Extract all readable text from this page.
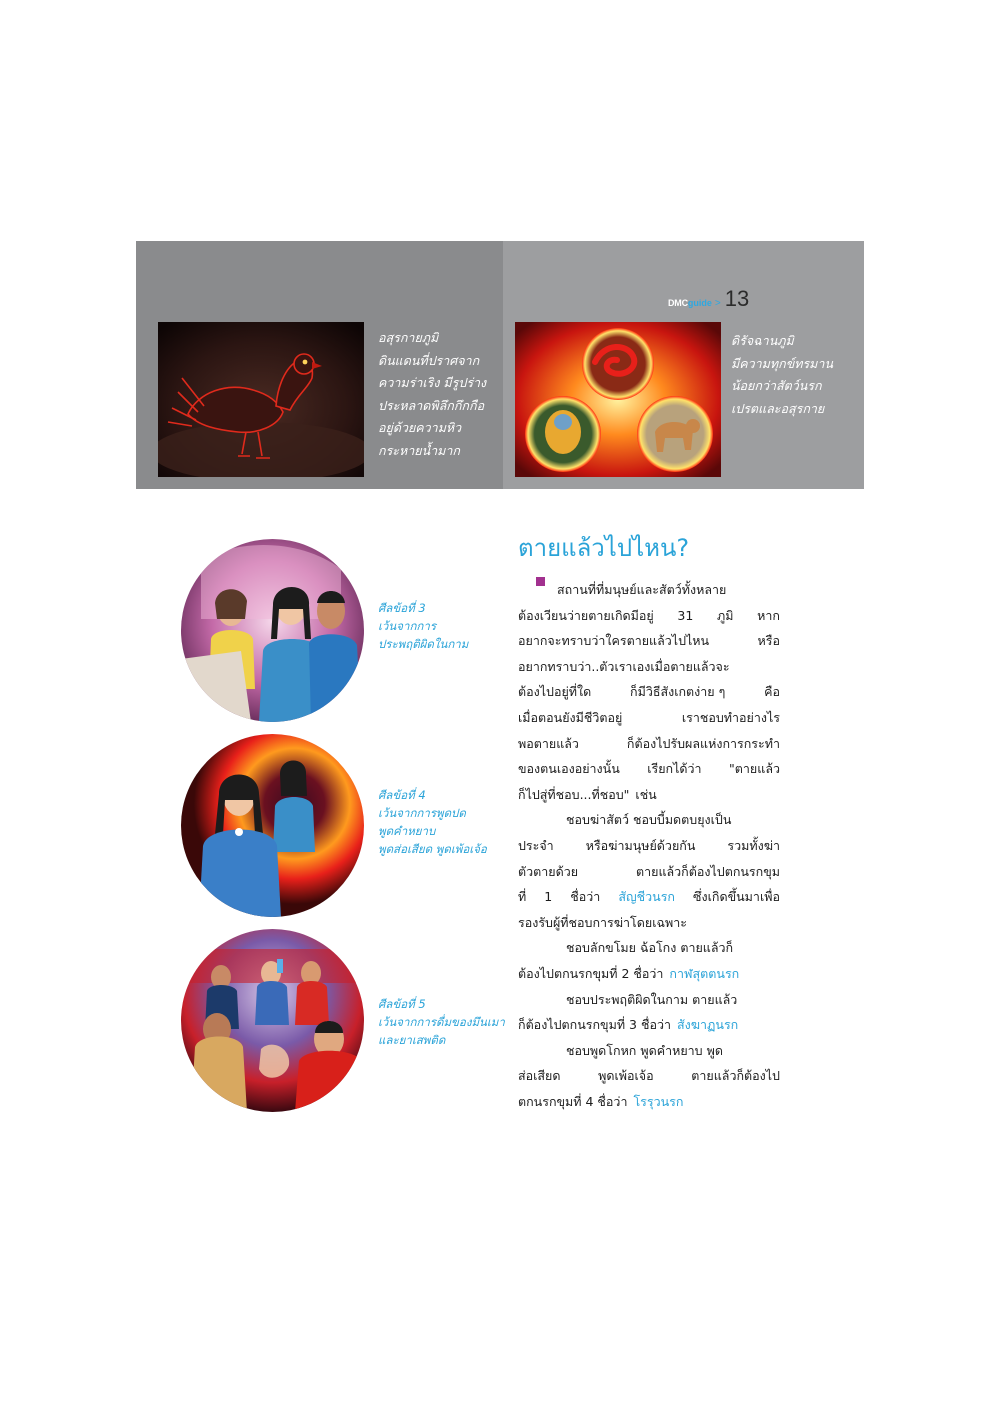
DMC guide > 13
อสุรกายภูมิ
ดินแดนที่ปราศจาก
ความร่าเริง มีรูปร่าง
ประหลาดพิลึกกึกกือ
อยู่ด้วยความหิว
กระหายน้ำมาก
ดิรัจฉานภูมิ
มีความทุกข์ทรมาน
น้อยกว่าสัตว์นรก
เปรตและอสุรกาย
ศีลข้อที่ 3
เว้นจากการ
ประพฤติผิดในกาม
ศีลข้อที่ 4
เว้นจากการพูดปด
พูดคำหยาบ
พูดส่อเสียด พูดเพ้อเจ้อ
ศีลข้อที่ 5
เว้นจากการดื่มของมึนเมา
และยาเสพติด
ตายแล้วไปไหน?
สถานที่ที่มนุษย์และสัตว์ทั้งหลาย
ต้องเวียนว่ายตายเกิดมีอยู่ 31 ภูมิ หาก
อยากจะทราบว่าใครตายแล้วไปไหน	หรือ
อยากทราบว่า..ตัวเราเองเมื่อตายแล้วจะ
ต้องไปอยู่ที่ใด	ก็มีวิธีสังเกตง่าย ๆ	คือ
เมื่อตอนยังมีชีวิตอยู่	เราชอบทำอย่างไร
พอตายแล้ว	ก็ต้องไปรับผลแห่งการกระทำ
ของตนเองอย่างนั้น เรียกได้ว่า "ตายแล้ว
ก็ไปสู่ที่ชอบ...ที่ชอบ" เช่น
ชอบฆ่าสัตว์ ชอบบี้มดตบยุงเป็น
ประจำ	หรือฆ่ามนุษย์ด้วยกัน	รวมทั้งฆ่า
ตัวตายด้วย	ตายแล้วก็ต้องไปตกนรกขุม
ที่ 1 ชื่อว่า สัญชีวนรก ซึ่งเกิดขึ้นมาเพื่อ
รองรับผู้ที่ชอบการฆ่าโดยเฉพาะ
ชอบลักขโมย ฉ้อโกง ตายแล้วก็
ต้องไปตกนรกขุมที่ 2 ชื่อว่า กาฬสุตตนรก
ชอบประพฤติผิดในกาม ตายแล้ว
ก็ต้องไปตกนรกขุมที่ 3 ชื่อว่า สังฆาฏนรก
ชอบพูดโกหก พูดคำหยาบ พูด
ส่อเสียด	พูดเพ้อเจ้อ	ตายแล้วก็ต้องไป
ตกนรกขุมที่ 4 ชื่อว่า โรรุวนรก
